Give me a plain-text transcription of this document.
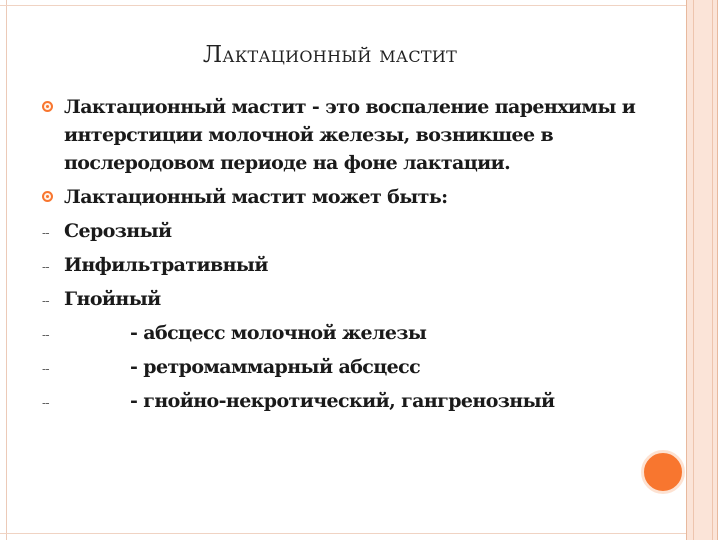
Лактационный мастит
Лактационный мастит - это воспаление паренхимы и интерстиции молочной железы, возникшее в послеродовом периоде на фоне лактации.
Лактационный мастит может быть:
-- Серозный
-- Инфильтративный
-- Гнойный
--	- абсцесс молочной железы
--	- ретромаммарный абсцесс
--	- гнойно-некротический, гангренозный
